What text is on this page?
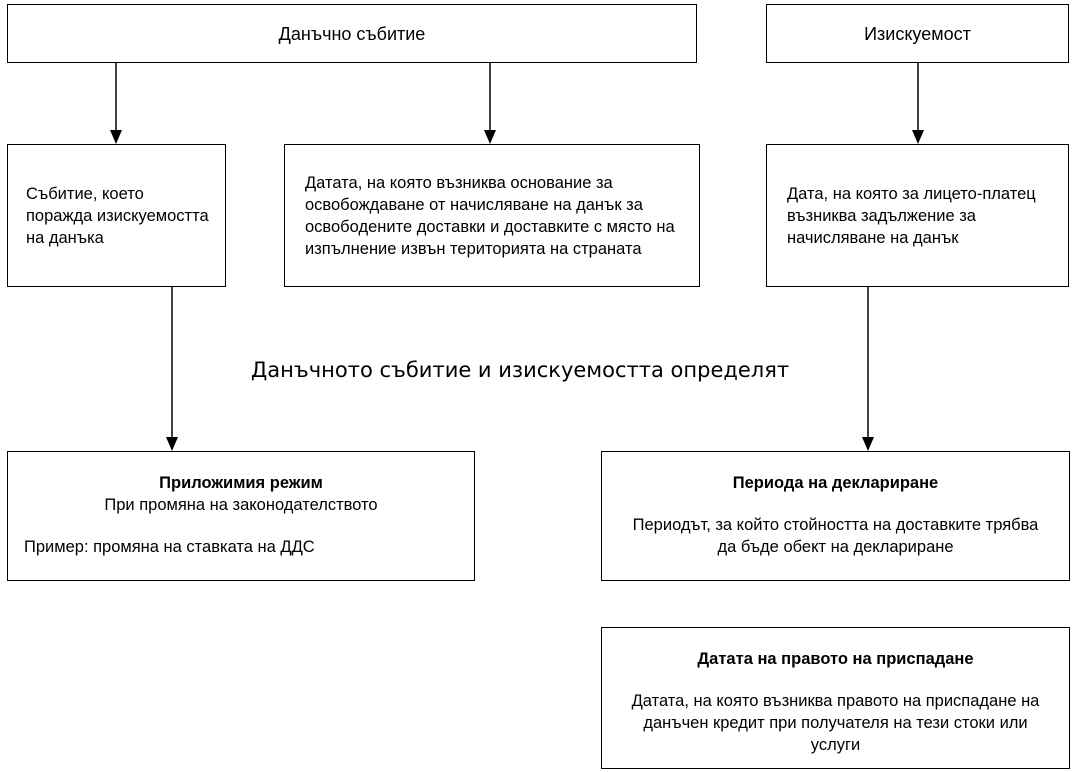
Данъчно събитие	Изискуемост
Събитие, което поражда изискуемостта на данъка
Датата, на която възниква основание за освобождаване от начисляване на данък за освободените доставки и доставките с място на изпълнение извън територията на страната
Дата, на която за лицето-платец възниква задължение за начисляване на данък
Данъчното събитие и изискуемостта определят
Приложимия режим
При промяна на законодателството
Пример: промяна на ставката на ДДС
Периода на деклариране
Периодът, за който стойността на доставките трябва да бъде обект на деклариране
Датата на правото на приспадане
Датата, на която възниква правото на приспадане на данъчен кредит при получателя на тези стоки или услуги
